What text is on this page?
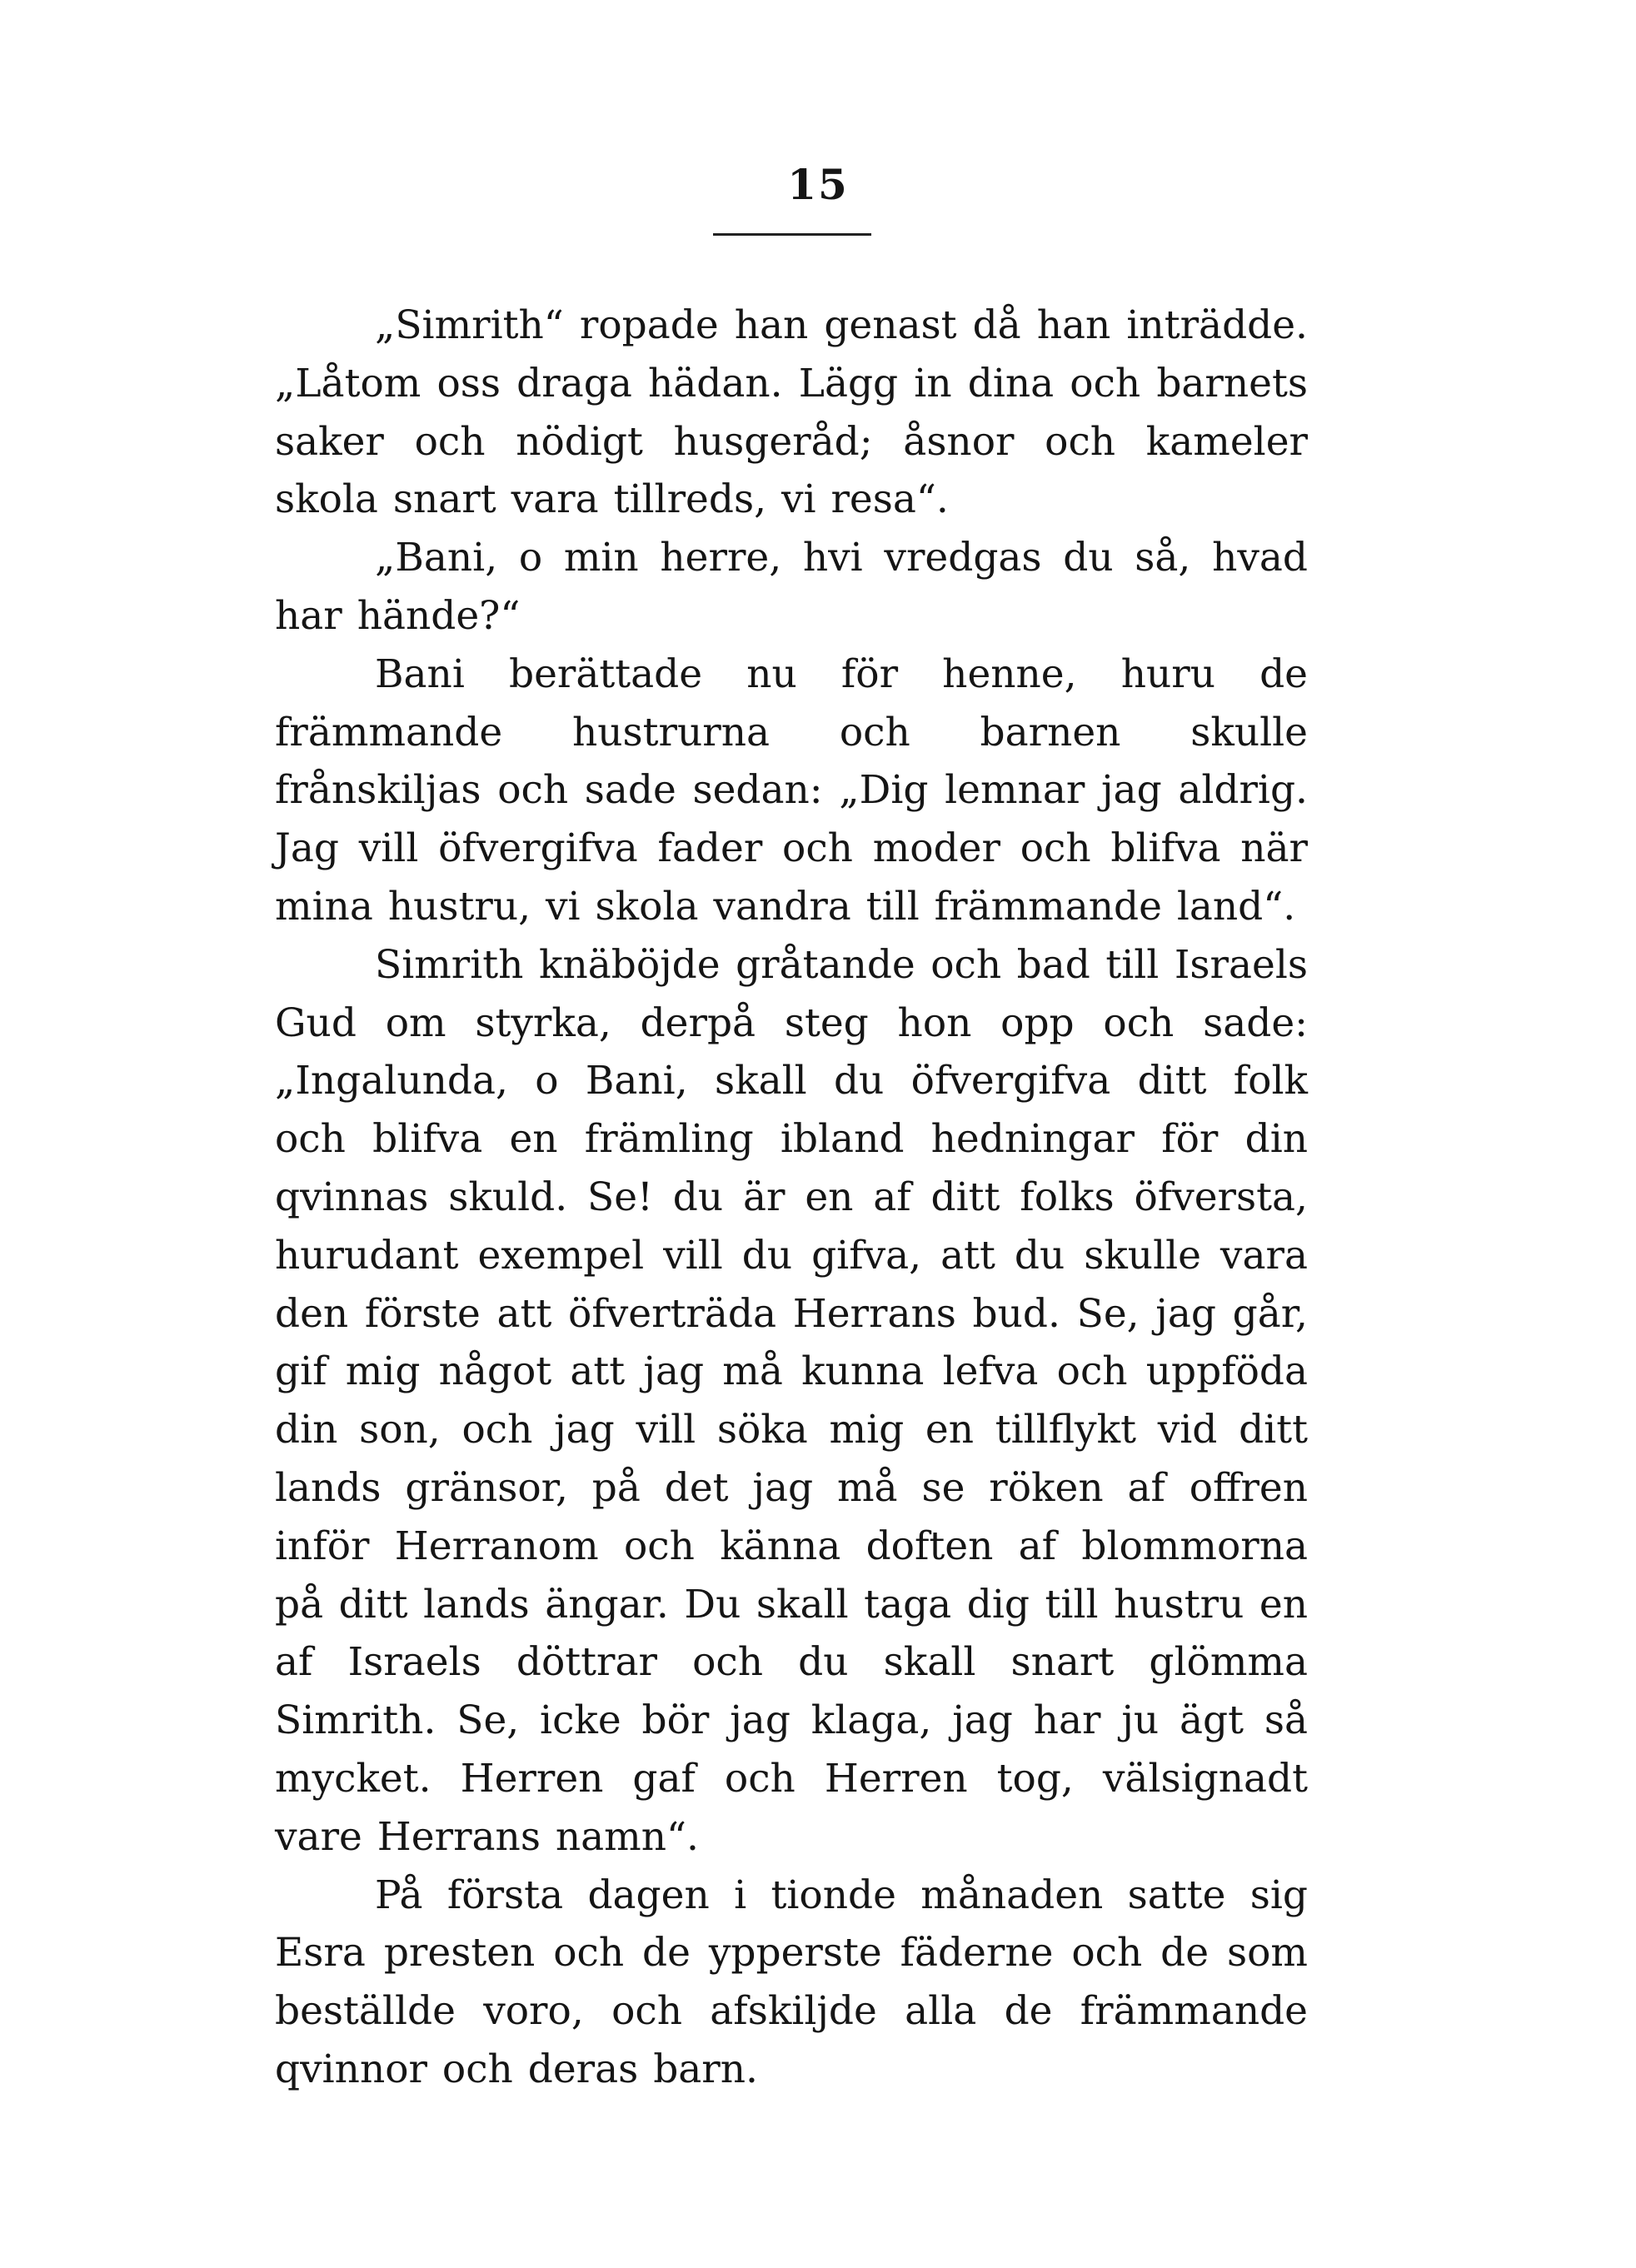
15

„Simrith“ ropade han genast då han inträdde. „Låtom oss draga hädan. Lägg in dina och barnets saker och nödigt husgeråd; åsnor och kameler skola snart vara tillreds, vi resa“.

„Bani, o min herre, hvi vredgas du så, hvad har hände?“

Bani berättade nu för henne, huru de främmande hustrurna och barnen skulle frånskiljas och sade sedan: „Dig lemnar jag aldrig. Jag vill öfvergifva fader och moder och blifva när mina hustru, vi skola vandra till främmande land“.

Simrith knäböjde gråtande och bad till Israels Gud om styrka, derpå steg hon opp och sade: „Ingalunda, o Bani, skall du öfvergifva ditt folk och blifva en främling ibland hedningar för din qvinnas skuld. Se! du är en af ditt folks öfversta, hurudant exempel vill du gifva, att du skulle vara den förste att öfverträda Herrans bud. Se, jag går, gif mig något att jag må kunna lefva och uppföda din son, och jag vill söka mig en tillflykt vid ditt lands gränsor, på det jag må se röken af offren inför Herranom och känna doften af blommorna på ditt lands ängar. Du skall taga dig till hustru en af Israels döttrar och du skall snart glömma Simrith. Se, icke bör jag klaga, jag har ju ägt så mycket. Herren gaf och Herren tog, välsignadt vare Herrans namn“.

På första dagen i tionde månaden satte sig Esra presten och de ypperste fäderne och de som beställde voro, och afskiljde alla de främmande qvinnor och deras barn.
